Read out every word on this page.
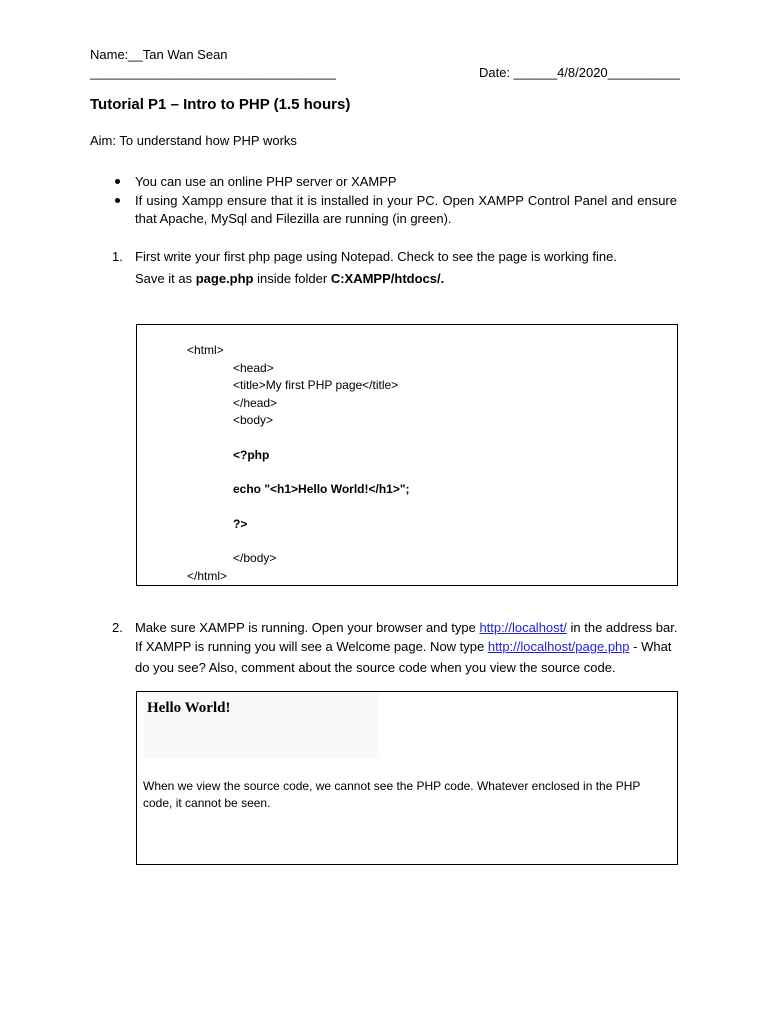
Name:__Tan Wan Sean
__________________________________	Date: ______4/8/2020__________
Tutorial P1 – Intro to PHP (1.5 hours)
Aim: To understand how PHP works
You can use an online PHP server or XAMPP
If using Xampp ensure that it is installed in your PC. Open XAMPP Control Panel and ensure that Apache, MySql and Filezilla are running (in green).
1. First write your first php page using Notepad. Check to see the page is working fine.
Save it as page.php inside folder C:XAMPP/htdocs/.
<html>
<head>
<title>My first PHP page</title>
</head>
<body>
<?php
echo "<h1>Hello World!</h1>";
?>
</body>
</html>
2. Make sure XAMPP is running. Open your browser and type http://localhost/ in the address bar.
If XAMPP is running you will see a Welcome page. Now type http://localhost/page.php - What
do you see? Also, comment about the source code when you view the source code.
Hello World!
When we view the source code, we cannot see the PHP code. Whatever enclosed in the PHP code, it cannot be seen.
